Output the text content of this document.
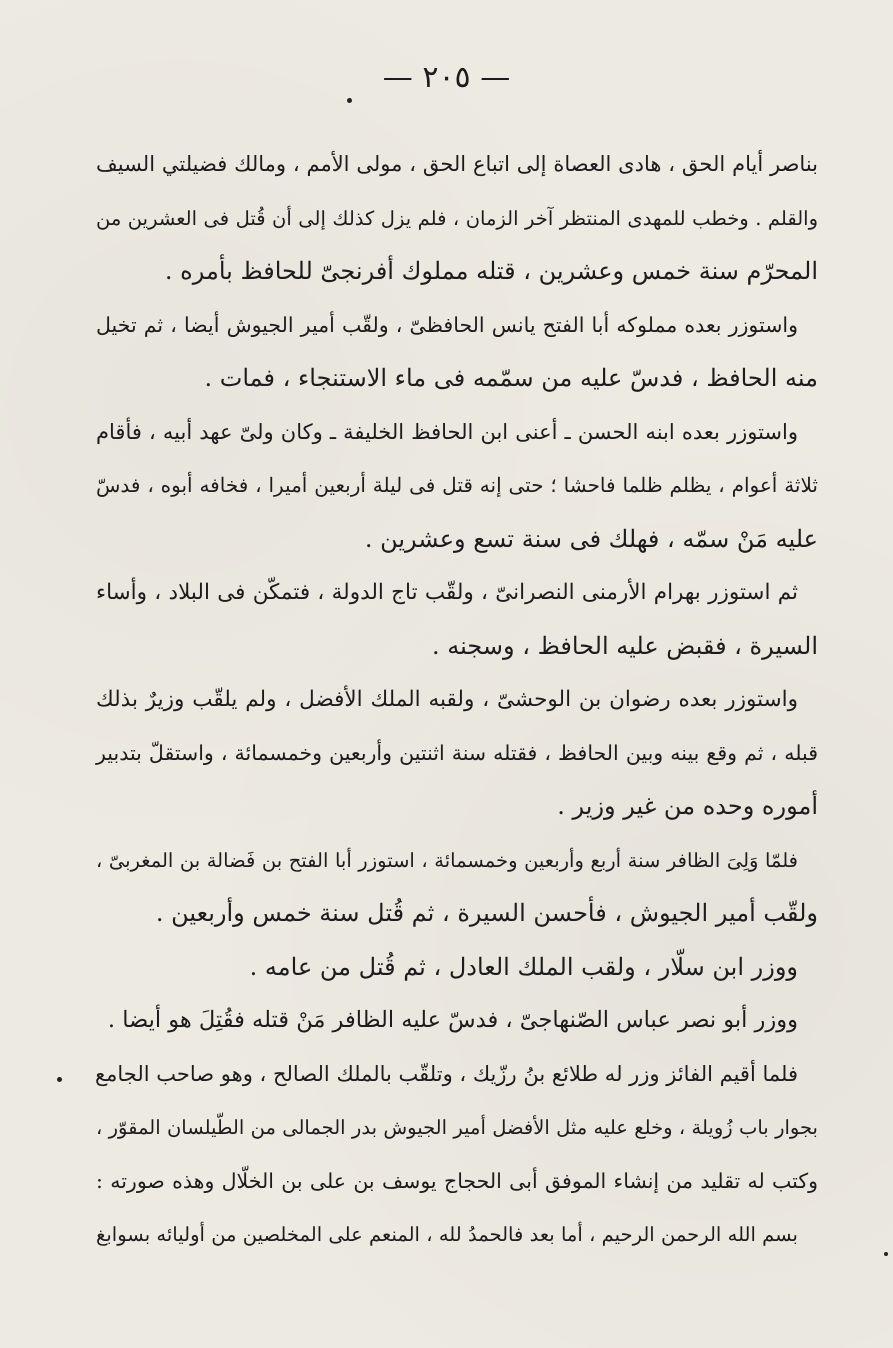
— ٢٠٥ —
بناصر أيام الحق ، هادى العصاة إلى اتباع الحق ، مولى الأمم ، ومالك فضيلتي السيف
والقلم . وخطب للمهدى المنتظر آخر الزمان ، فلم يزل كذلك إلى أن قُتل فى العشرين من
المحرّم سنة خمس وعشرين ، قتله مملوك أفرنجىّ للحافظ بأمره .
واستوزر بعده مملوكه أبا الفتح يانس الحافظىّ ، ولقّب أمير الجيوش أيضا ، ثم تخيل
منه الحافظ ، فدسّ عليه من سمّمه فى ماء الاستنجاء ، فمات .
واستوزر بعده ابنه الحسن ـ أعنى ابن الحافظ الخليفة ـ وكان ولىّ عهد أبيه ، فأقام
ثلاثة أعوام ، يظلم ظلما فاحشا ؛ حتى إنه قتل فى ليلة أربعين أميرا ، فخافه أبوه ، فدسّ
عليه مَنْ سمّه ، فهلك فى سنة تسع وعشرين .
ثم استوزر بهرام الأرمنى النصرانىّ ، ولقّب تاج الدولة ، فتمكّن فى البلاد ، وأساء
السيرة ، فقبض عليه الحافظ ، وسجنه .
واستوزر بعده رضوان بن الوحشىّ ، ولقبه الملك الأفضل ، ولم يلقّب وزيرٌ بذلك
قبله ، ثم وقع بينه وبين الحافظ ، فقتله سنة اثنتين وأربعين وخمسمائة ، واستقلّ بتدبير
أموره وحده من غير وزير .
فلمّا وَلِىَ الظافر سنة أربع وأربعين وخمسمائة ، استوزر أبا الفتح بن فَضالة بن المغربىّ ،
ولقّب أمير الجيوش ، فأحسن السيرة ، ثم قُتل سنة خمس وأربعين .
ووزر ابن سلّار ، ولقب الملك العادل ، ثم قُتل من عامه .
ووزر أبو نصر عباس الصّنهاجىّ ، فدسّ عليه الظافر مَنْ قتله فقُتِلَ هو أيضا .
فلما أقيم الفائز وزر له طلائع بنُ رزّيك ، وتلقّب بالملك الصالح ، وهو صاحب الجامع
بجوار باب زُويلة ، وخلع عليه مثل الأفضل أمير الجيوش بدر الجمالى من الطّيلسان المقوّر ،
وكتب له تقليد من إنشاء الموفق أبى الحجاج يوسف بن على بن الخلّال وهذه صورته :
بسم الله الرحمن الرحيم ، أما بعد فالحمدُ لله ، المنعم على المخلصين من أوليائه بسوابغ
